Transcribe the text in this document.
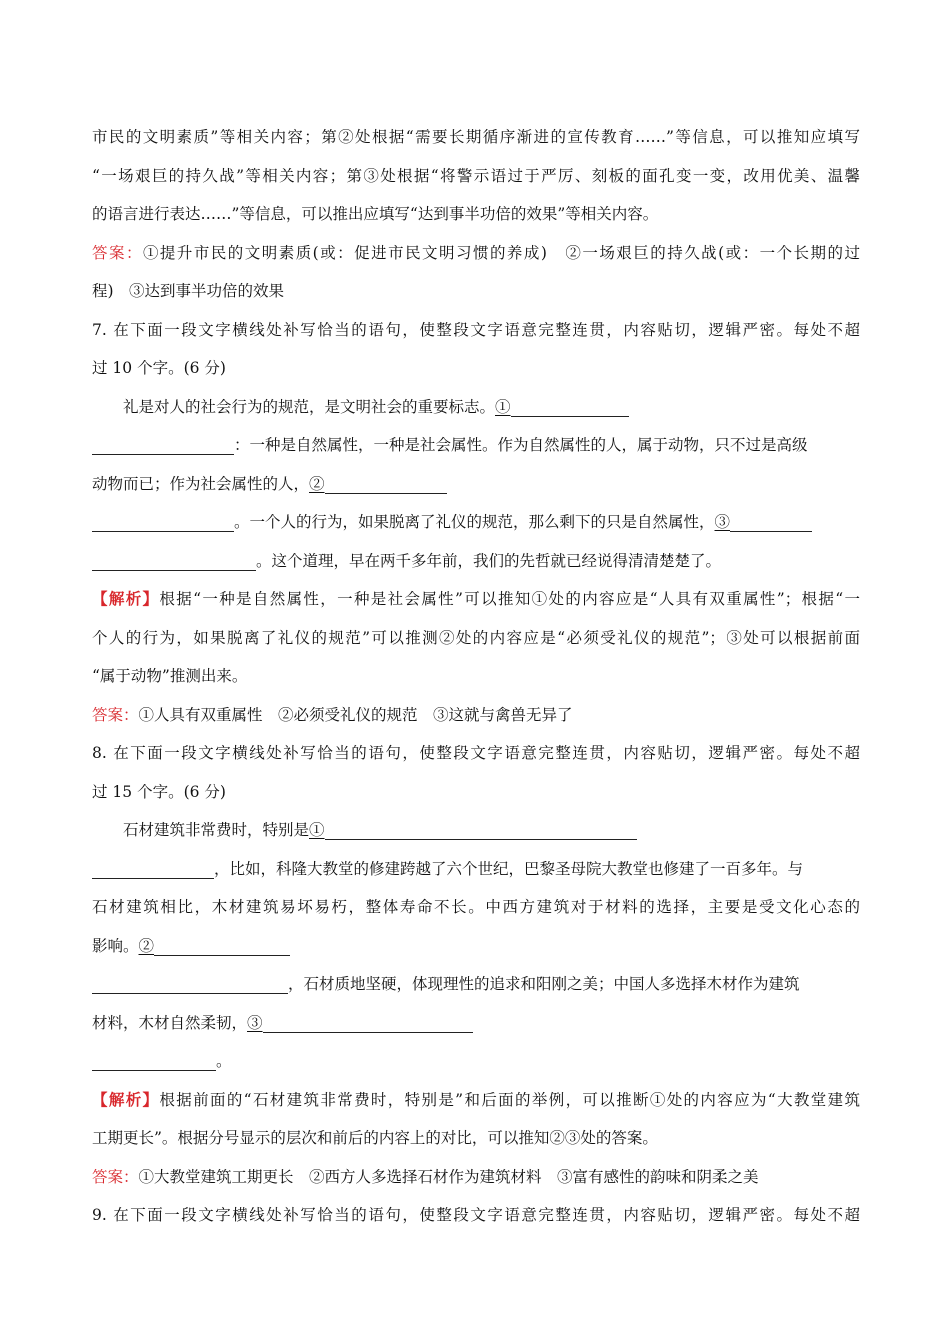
市民的文明素质”等相关内容；第②处根据“需要长期循序渐进的宣传教育……”等信息，可以推知应填写
“一场艰巨的持久战”等相关内容；第③处根据“将警示语过于严厉、刻板的面孔变一变，改用优美、温馨
的语言进行表达……”等信息，可以推出应填写“达到事半功倍的效果”等相关内容。
答案：①提升市民的文明素质(或：促进市民文明习惯的养成)　②一场艰巨的持久战(或：一个长期的过
程)　③达到事半功倍的效果
7. 在下面一段文字横线处补写恰当的语句，使整段文字语意完整连贯，内容贴切，逻辑严密。每处不超
过 10 个字。(6 分)
礼是对人的社会行为的规范，是文明社会的重要标志。①
：一种是自然属性，一种是社会属性。作为自然属性的人，属于动物，只不过是高级
动物而已；作为社会属性的人，②
。一个人的行为，如果脱离了礼仪的规范，那么剩下的只是自然属性，③
。这个道理，早在两千多年前，我们的先哲就已经说得清清楚楚了。
【解析】根据“一种是自然属性，一种是社会属性”可以推知①处的内容应是“人具有双重属性”；根据“一
个人的行为，如果脱离了礼仪的规范”可以推测②处的内容应是“必须受礼仪的规范”；③处可以根据前面
“属于动物”推测出来。
答案：①人具有双重属性　②必须受礼仪的规范　③这就与禽兽无异了
8. 在下面一段文字横线处补写恰当的语句，使整段文字语意完整连贯，内容贴切，逻辑严密。每处不超
过 15 个字。(6 分)
石材建筑非常费时，特别是①
，比如，科隆大教堂的修建跨越了六个世纪，巴黎圣母院大教堂也修建了一百多年。与
石材建筑相比，木材建筑易坏易朽，整体寿命不长。中西方建筑对于材料的选择，主要是受文化心态的
影响。②
，石材质地坚硬，体现理性的追求和阳刚之美；中国人多选择木材作为建筑
材料，木材自然柔韧，③
。
【解析】根据前面的“石材建筑非常费时，特别是”和后面的举例，可以推断①处的内容应为“大教堂建筑
工期更长”。根据分号显示的层次和前后的内容上的对比，可以推知②③处的答案。
答案：①大教堂建筑工期更长　②西方人多选择石材作为建筑材料　③富有感性的韵味和阴柔之美
9. 在下面一段文字横线处补写恰当的语句，使整段文字语意完整连贯，内容贴切，逻辑严密。每处不超
